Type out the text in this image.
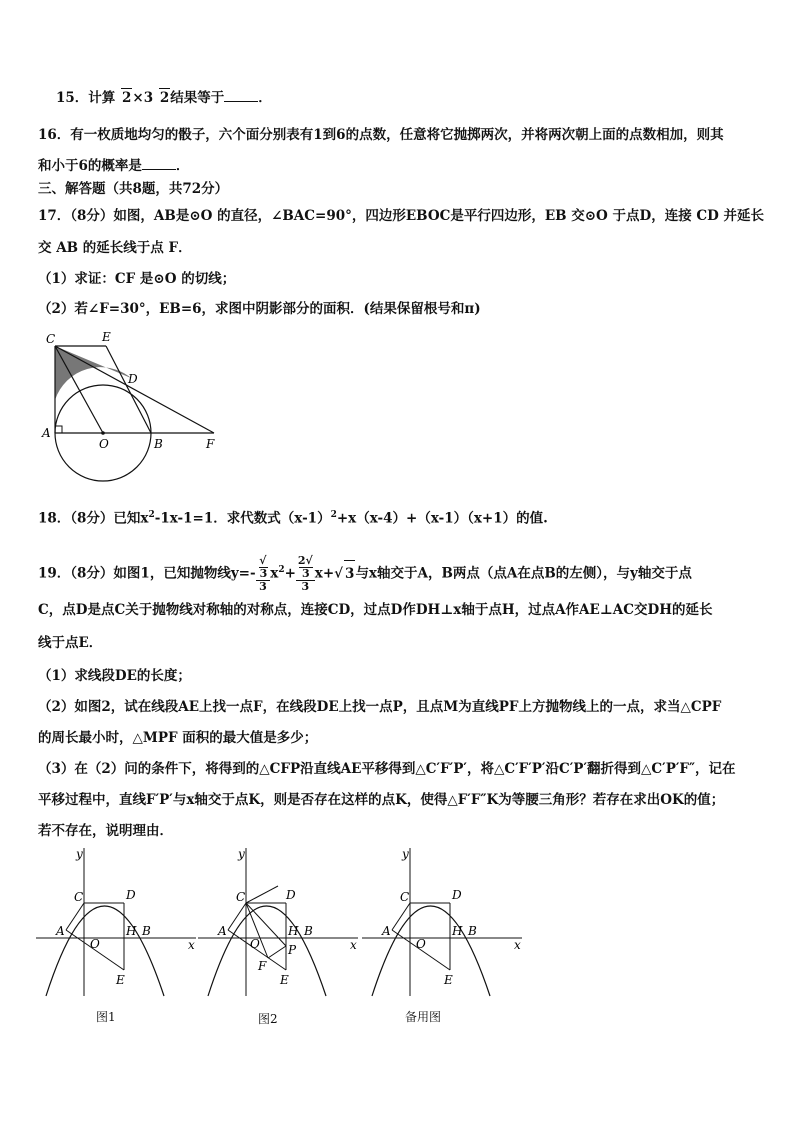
15．计算 2×3 2结果等于	．
16．有一枚质地均匀的骰子，六个面分别表有1到6的点数，任意将它抛掷两次，并将两次朝上面的点数相加，则其
和小于6的概率是	．
三、解答题（共8题，共72分）
17．（8分）如图，AB是⊙O 的直径，∠BAC=90°，四边形EBOC是平行四边形，EB 交⊙O 于点D，连接 CD 并延长
交 AB 的延长线于点 F．
（1）求证：CF 是⊙O 的切线；
（2）若∠F=30°，EB=6，求图中阴影部分的面积．(结果保留根号和π)
C	E
D
A
O	B	F
18．（8分）已知$x^2-1x-1=1$．求代数式$(x-1)^2+x(x-4)+(x-1)(x+1)$的值.
19．（8分）如图1，已知抛物线y=- √
3
3 $x^2+ 2√$
3
3 x+√ 3与x轴交于A，B两点（点A在点B的左侧），与y轴交于点
C，点D是点C关于抛物线对称轴的对称点，连接CD，过点D作DH⊥x轴于点H，过点A作AE⊥AC交DH的延长
线于点E．
（1）求线段DE的长度；
（2）如图2，试在线段AE上找一点F，在线段DE上找一点P，且点M为直线PF上方抛物线上的一点，求当△CPF
的周长最小时，△MPF 面积的最大值是多少；
（3）在（2）问的条件下，将得到的△CFP沿直线AE平移得到△C′F′P′，将△C′F′P′沿C′P′翻折得到△C′P′F″，记在
平移过程中，直线F′P′与x轴交于点K，则是否存在这样的点K，使得△F′F″K为等腰三角形？若存在求出OK的值；
若不存在，说明理由．
y
x
C	D
A
O
H B
E
图1
y
x
C	D
A
O
H B
P
F
E
图2
y
x
C	D
A
O
H B
E
备用图
